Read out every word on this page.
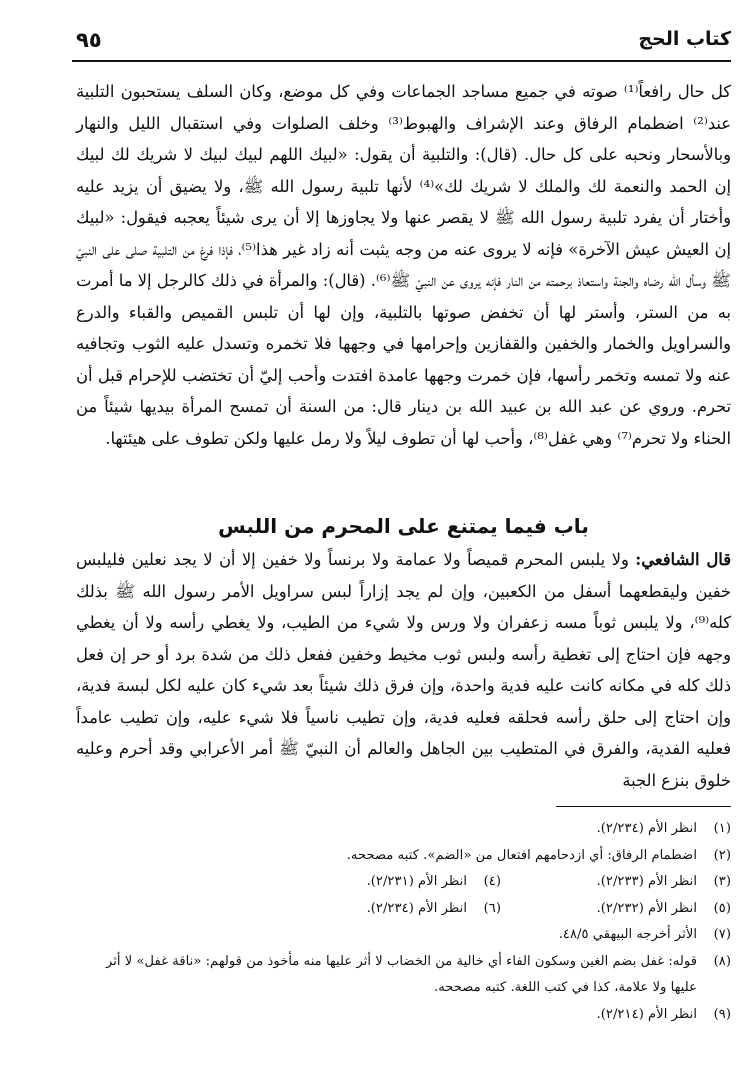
كتاب الحج
٩٥

كل حال رافعاً⁽¹⁾ صوته في جميع مساجد الجماعات وفي كل موضع، وكان السلف يستحبون التلبية عند⁽²⁾ اضطمام الرفاق وعند الإشراف والهبوط⁽³⁾ وخلف الصلوات وفي استقبال الليل والنهار وبالأسحار ونحبه على كل حال. (قال): والتلبية أن يقول: «لبيك اللهم لبيك لبيك لا شريك لك لبيك إن الحمد والنعمة لك والملك لا شريك لك»⁽⁴⁾ لأنها تلبية رسول الله ﷺ، ولا يضيق أن يزيد عليه وأختار أن يفرد تلبية رسول الله ﷺ لا يقصر عنها ولا يجاوزها إلا أن يرى شيئاً يعجبه فيقول: «لبيك إن العيش عيش الآخرة» فإنه لا يروى عنه من وجه يثبت أنه زاد غير هذا⁽⁵⁾، فإذا فرغ من التلبية صلى على النبيّ ﷺ وسأل الله رضاه والجنة واستعاذ برحمته من النار فإنه يروى عن النبيّ ﷺ⁽⁶⁾. (قال): والمرأة في ذلك كالرجل إلا ما أمرت به من الستر، وأستر لها أن تخفض صوتها بالتلبية، وإن لها أن تلبس القميص والقباء والدرع والسراويل والخمار والخفين والقفازين وإحرامها في وجهها فلا تخمره وتسدل عليه الثوب وتجافيه عنه ولا تمسه وتخمر رأسها، فإن خمرت وجهها عامدة افتدت وأحب إليّ أن تختضب للإحرام قبل أن تحرم. وروي عن عبد الله بن عبيد الله بن دينار قال: من السنة أن تمسح المرأة بيديها شيئاً من الحناء ولا تحرم⁽⁷⁾ وهي غفل⁽⁸⁾، وأحب لها أن تطوف ليلاً ولا رمل عليها ولكن تطوف على هيئتها.

باب فيما يمتنع على المحرم من اللبس

قال الشافعي: ولا يلبس المحرم قميصاً ولا عمامة ولا برنساً ولا خفين إلا أن لا يجد نعلين فليلبس خفين وليقطعهما أسفل من الكعبين، وإن لم يجد إزاراً لبس سراويل الأمر رسول الله ﷺ بذلك كله⁽⁹⁾، ولا يلبس ثوباً مسه زعفران ولا ورس ولا شيء من الطيب، ولا يغطي رأسه ولا أن يغطي وجهه فإن احتاج إلى تغطية رأسه ولبس ثوب مخيط وخفين ففعل ذلك من شدة برد أو حر إن فعل ذلك كله في مكانه كانت عليه فدية واحدة، وإن فرق ذلك شيئاً بعد شيء كان عليه لكل لبسة فدية، وإن احتاج إلى حلق رأسه فحلقه فعليه فدية، وإن تطيب ناسياً فلا شيء عليه، وإن تطيب عامداً فعليه الفدية، والفرق في المتطيب بين الجاهل والعالم أن النبيّ ﷺ أمر الأعرابي وقد أحرم وعليه خلوق بنزع الجبة

(١)
انظر الأم (٢/٢٣٤).
(٢)
اضطمام الرفاق: أي ازدحامهم افتعال من «الضم». كتبه مصححه.
(٣)
انظر الأم (٢/٢٣٣).
(٤)
انظر الأم (٢/٢٣١).
(٥)
انظر الأم (٢/٢٣٢).
(٦)
انظر الأم (٢/٢٣٤).
(٧)
الأثر أخرجه البيهقي ٤٨/٥.
(٨)
قوله: غفل بضم الغين وسكون الفاء أي خالية من الخضاب لا أثر عليها منه مأخوذ من قولهم: «ناقة غفل» لا أثر عليها ولا علامة، كذا في كتب اللغة. كتبه مصححه.
(٩)
انظر الأم (٢/٢١٤).
